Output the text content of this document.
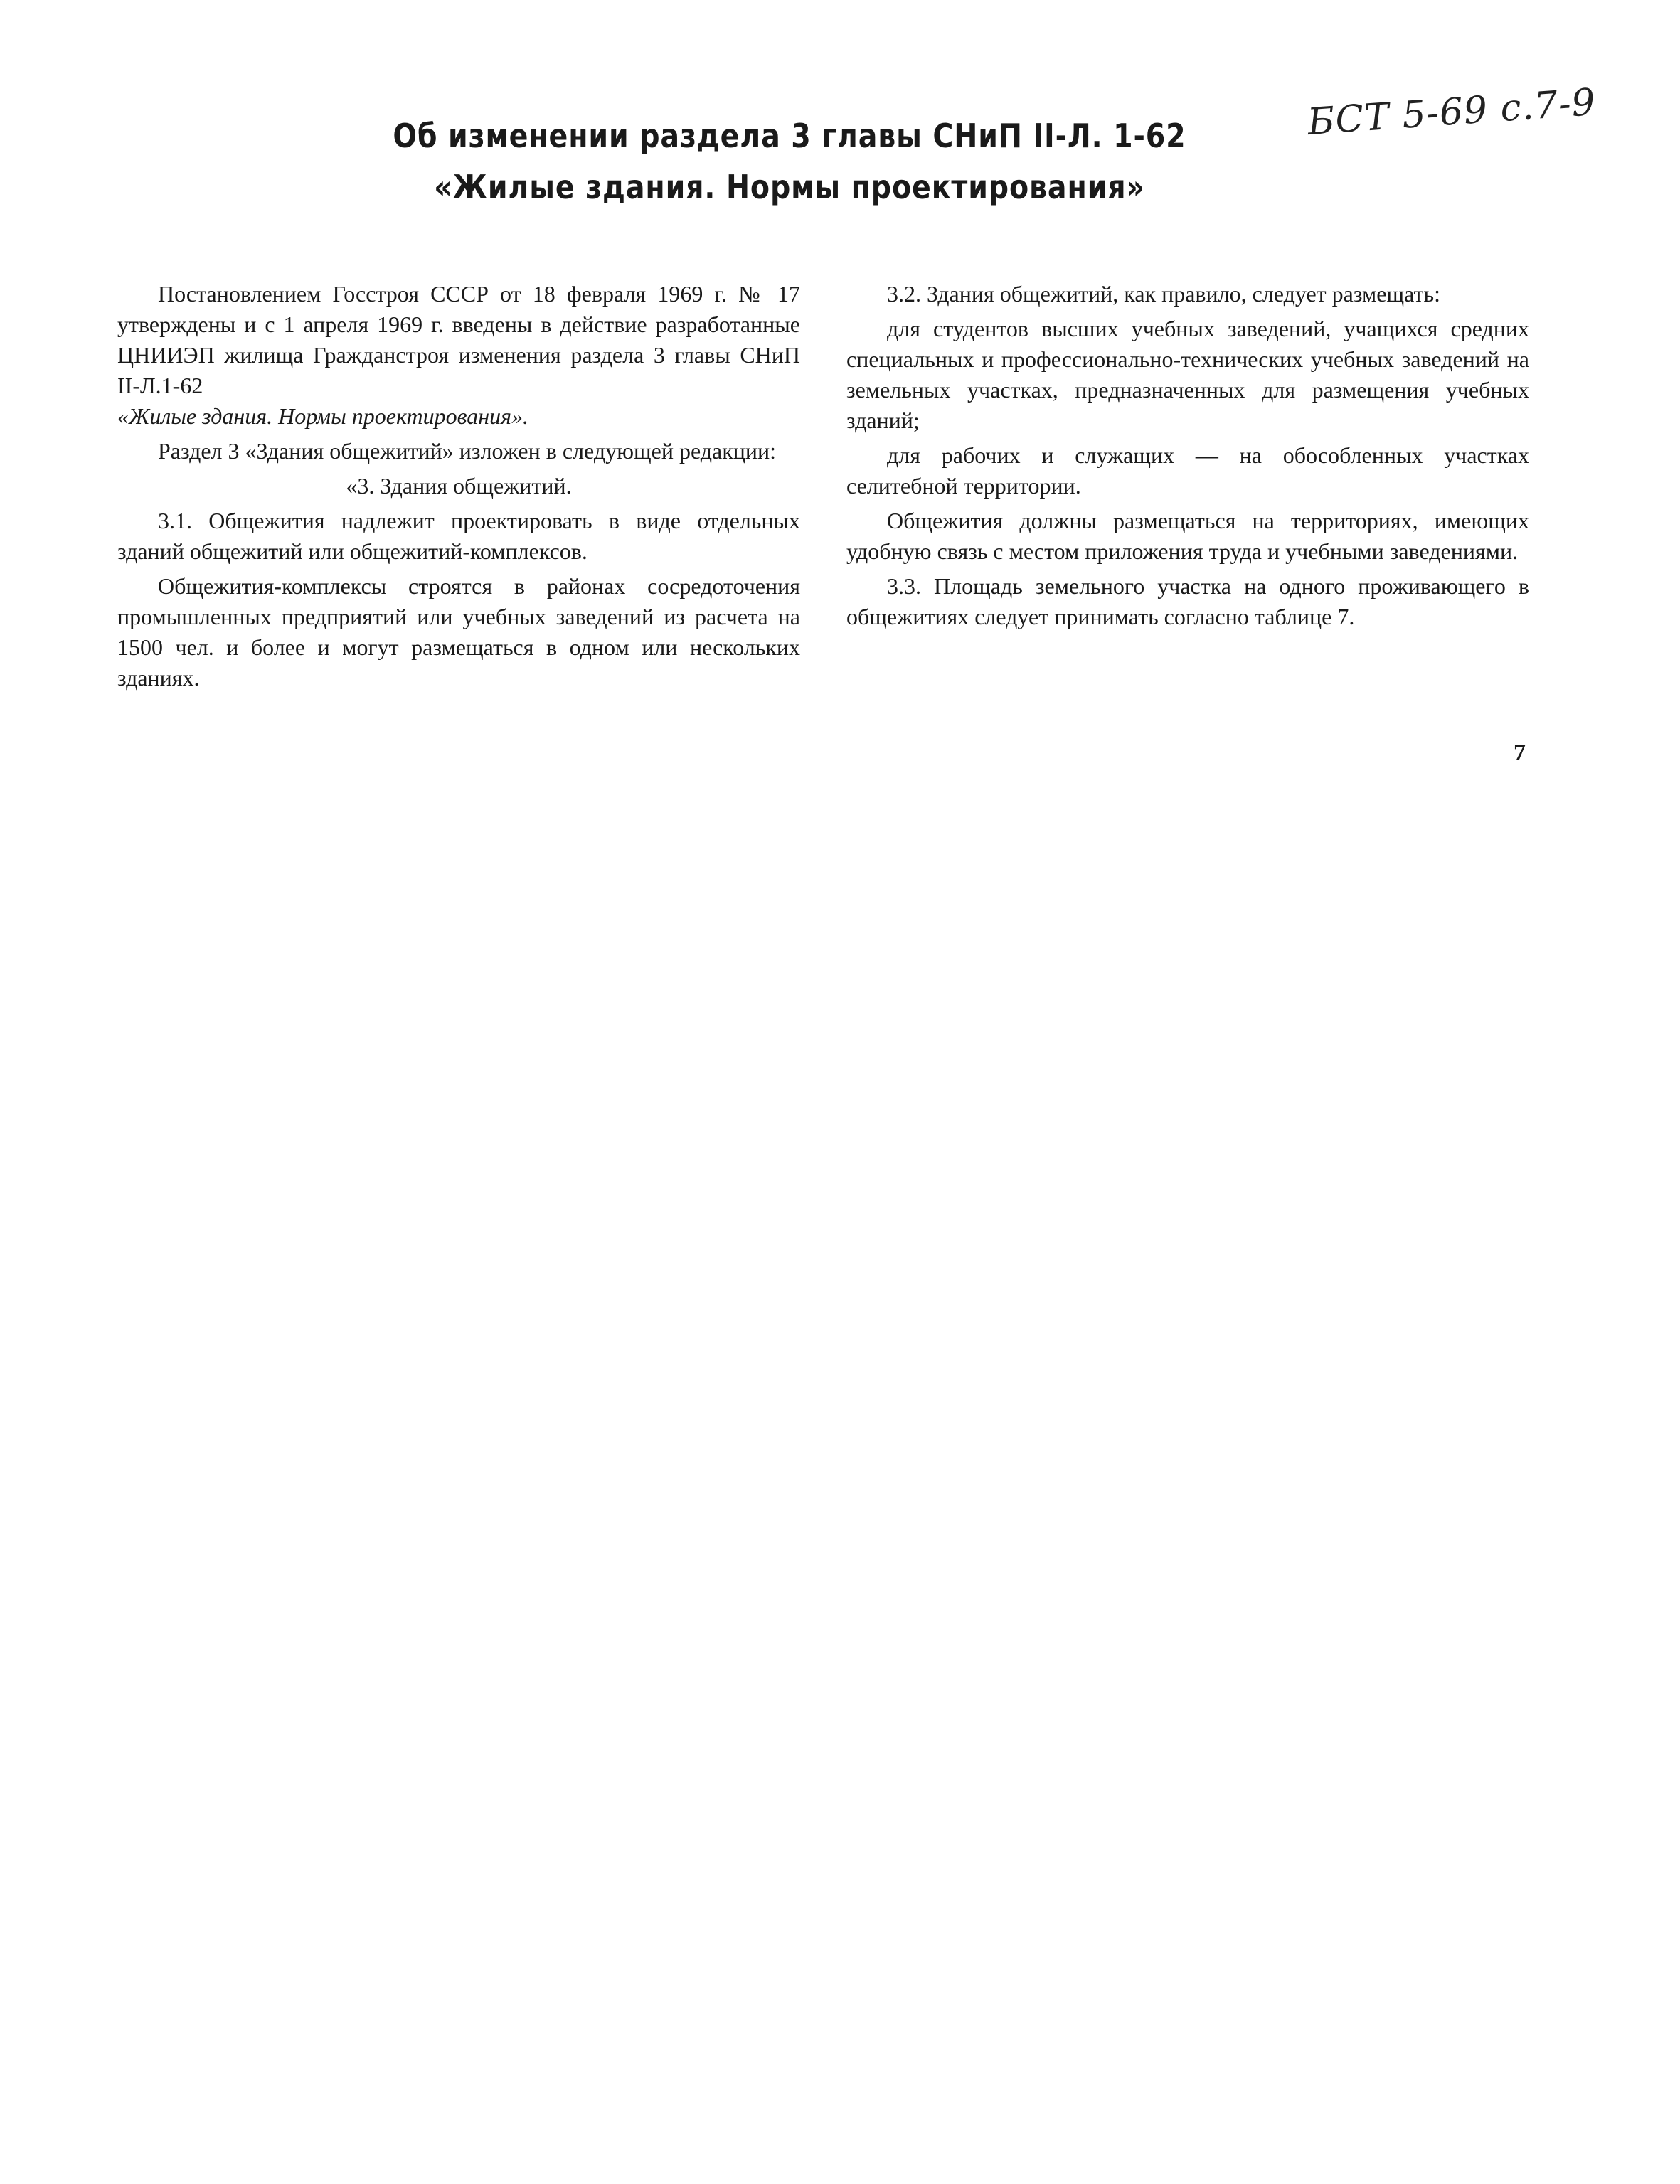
Об изменении раздела 3 главы СНиП II-Л. 1-62
«Жилые здания. Нормы проектирования»
БСТ 5-69 с.7-9

Постановлением Госстроя СССР от 18 февраля 1969 г. № 17 утверждены и с 1 апреля 1969 г. введены в действие разработанные ЦНИИЭП жилища Гражданстроя изменения раздела 3 главы СНиП II-Л.1-62

«Жилые здания. Нормы проектирования».

Раздел 3 «Здания общежитий» изложен в следующей редакции:

«3. Здания общежитий.

3.1. Общежития надлежит проектировать в виде отдельных зданий общежитий или общежитий-комплексов.

Общежития-комплексы строятся в районах сосредоточения промышленных предприятий или учебных заведений из расчета на 1500 чел. и более и могут размещаться в одном или нескольких зданиях.

3.2. Здания общежитий, как правило, следует размещать:

для студентов высших учебных заведений, учащихся средних специальных и профессионально-технических учебных заведений на земельных участках, предназначенных для размещения учебных зданий;

для рабочих и служащих — на обособленных участках селитебной территории.

Общежития должны размещаться на территориях, имеющих удобную связь с местом приложения труда и учебными заведениями.

3.3. Площадь земельного участка на одного проживающего в общежитиях следует принимать согласно таблице 7.

7
